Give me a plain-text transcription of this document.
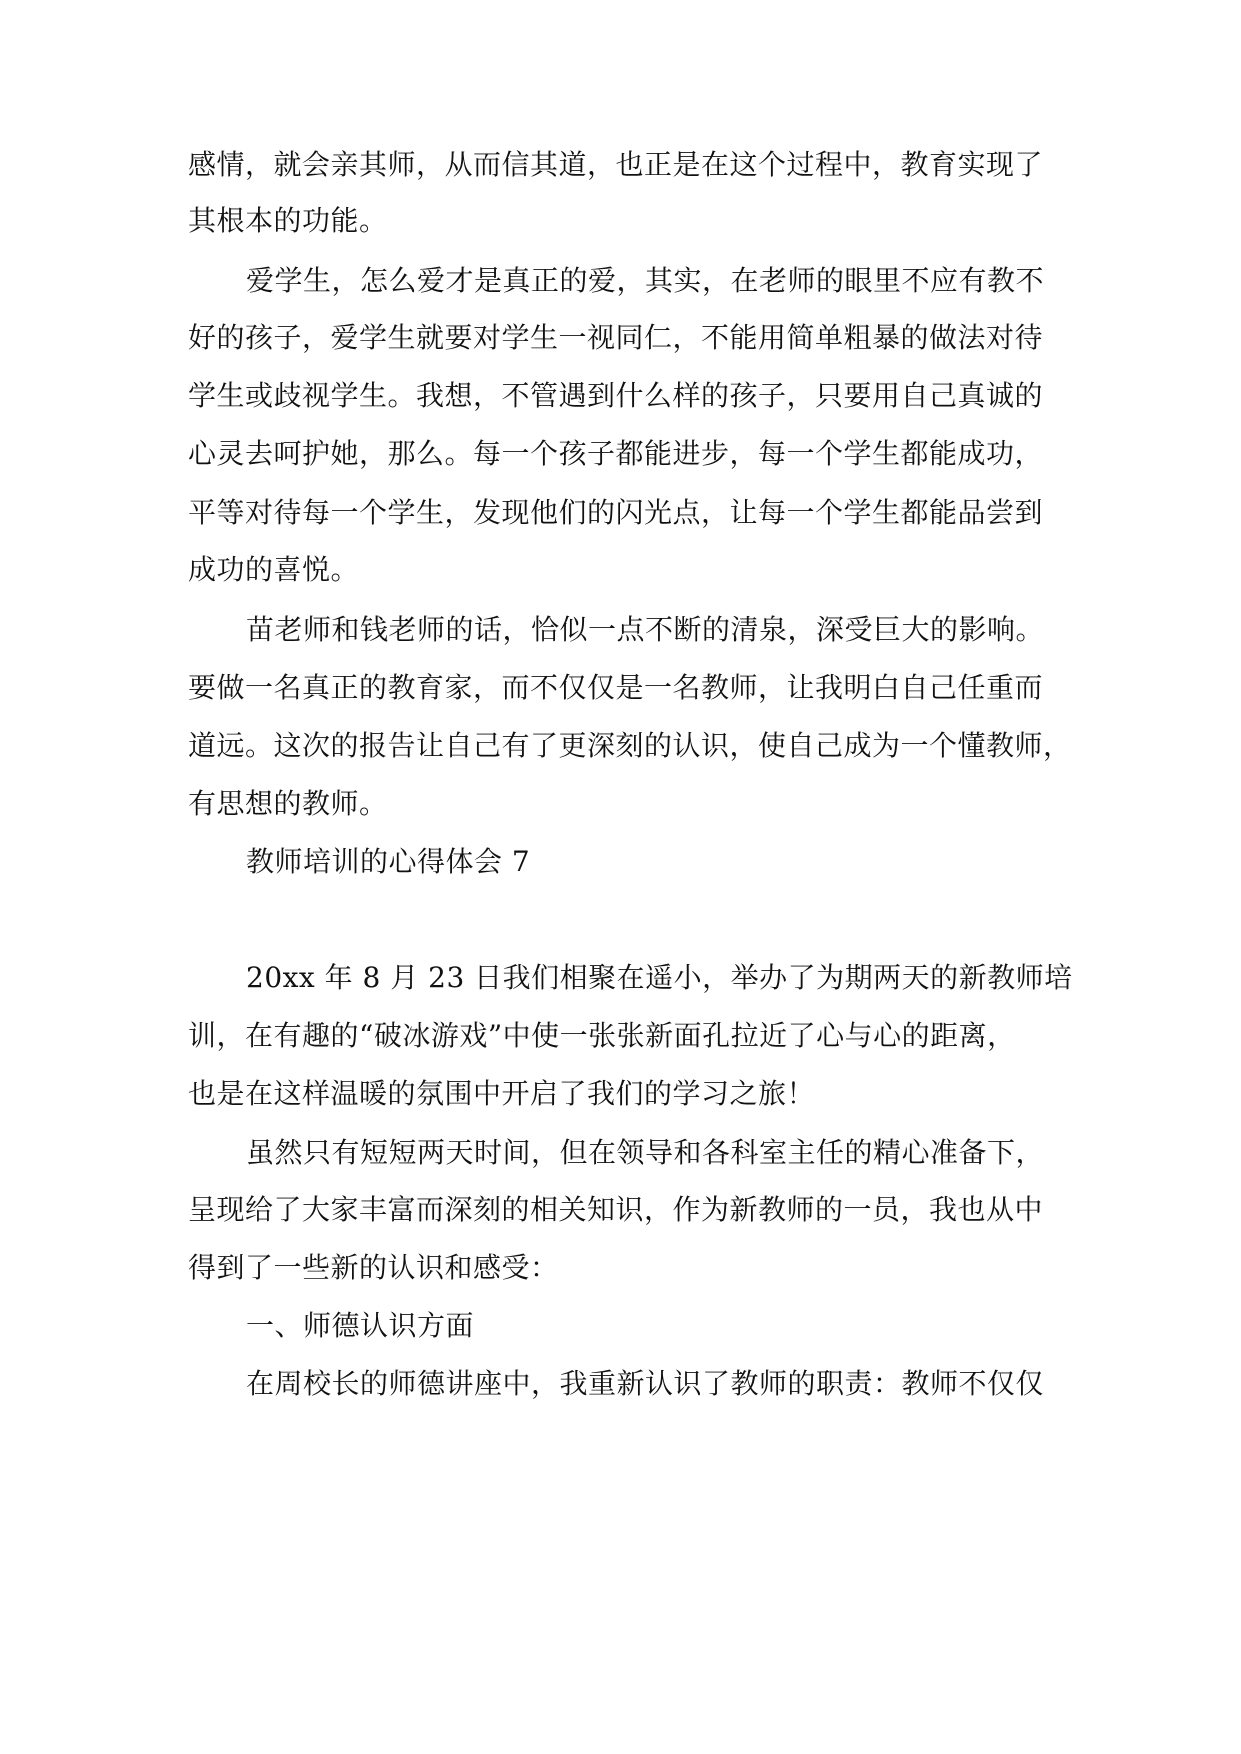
感情，就会亲其师，从而信其道，也正是在这个过程中，教育实现了
其根本的功能。
爱学生，怎么爱才是真正的爱，其实，在老师的眼里不应有教不
好的孩子，爱学生就要对学生一视同仁，不能用简单粗暴的做法对待
学生或歧视学生。我想，不管遇到什么样的孩子，只要用自己真诚的
心灵去呵护她，那么。每一个孩子都能进步，每一个学生都能成功，
平等对待每一个学生，发现他们的闪光点，让每一个学生都能品尝到
成功的喜悦。
苗老师和钱老师的话，恰似一点不断的清泉，深受巨大的影响。
要做一名真正的教育家，而不仅仅是一名教师，让我明白自己任重而
道远。这次的报告让自己有了更深刻的认识，使自己成为一个懂教师，
有思想的教师。
教师培训的心得体会 7
20xx 年 8 月 23 日我们相聚在遥小，举办了为期两天的新教师培
训，在有趣的“破冰游戏”中使一张张新面孔拉近了心与心的距离，
也是在这样温暖的氛围中开启了我们的学习之旅！
虽然只有短短两天时间，但在领导和各科室主任的精心准备下，
呈现给了大家丰富而深刻的相关知识，作为新教师的一员，我也从中
得到了一些新的认识和感受：
一、师德认识方面
在周校长的师德讲座中，我重新认识了教师的职责：教师不仅仅
